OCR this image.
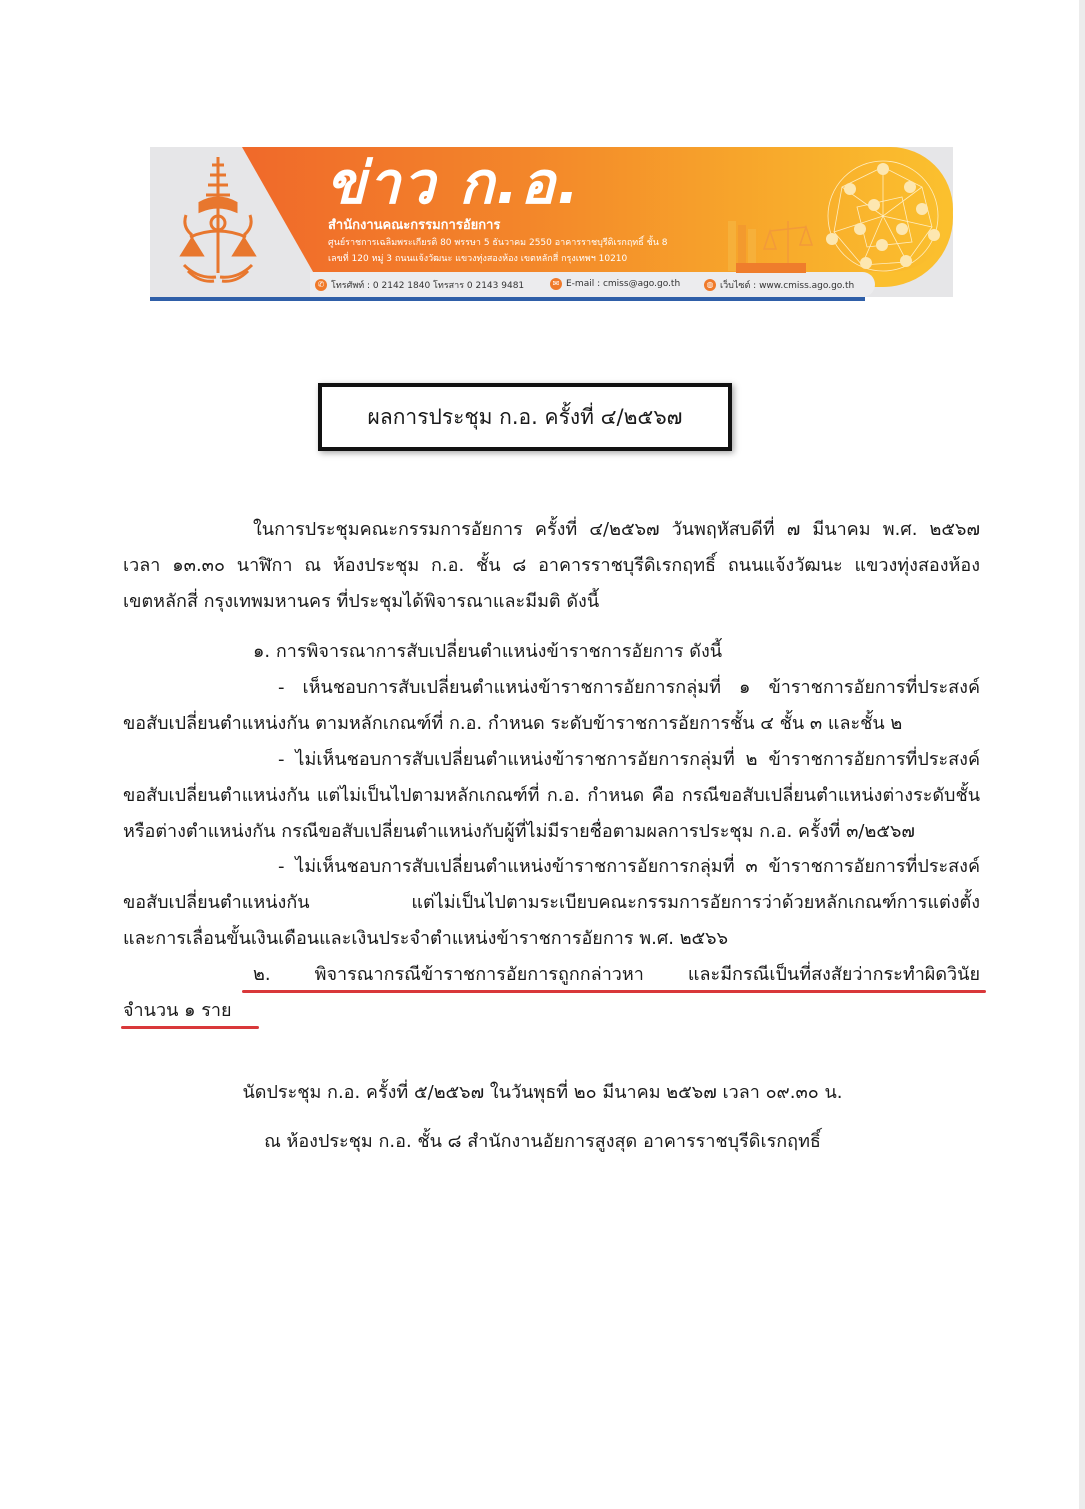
ข่าว ก.อ.
สำนักงานคณะกรรมการอัยการ
ศูนย์ราชการเฉลิมพระเกียรติ 80 พรรษา 5 ธันวาคม 2550 อาคารราชบุรีดิเรกฤทธิ์ ชั้น 8
เลขที่ 120 หมู่ 3 ถนนแจ้งวัฒนะ แขวงทุ่งสองห้อง เขตหลักสี่ กรุงเทพฯ 10210
✆ โทรศัพท์ : 0 2142 1840 โทรสาร 0 2143 9481	✉ E-mail : cmiss@ago.go.th	◍ เว็บไซต์ : www.cmiss.ago.go.th
ผลการประชุม ก.อ. ครั้งที่ ๔/๒๕๖๗
ในการประชุมคณะกรรมการอัยการ ครั้งที่ ๔/๒๕๖๗ วันพฤหัสบดีที่ ๗ มีนาคม พ.ศ. ๒๕๖๗
เวลา ๑๓.๓๐ นาฬิกา ณ ห้องประชุม ก.อ. ชั้น ๘ อาคารราชบุรีดิเรกฤทธิ์ ถนนแจ้งวัฒนะ แขวงทุ่งสองห้อง
เขตหลักสี่ กรุงเทพมหานคร ที่ประชุมได้พิจารณาและมีมติ ดังนี้
๑. การพิจารณาการสับเปลี่ยนตำแหน่งข้าราชการอัยการ ดังนี้
- เห็นชอบการสับเปลี่ยนตำแหน่งข้าราชการอัยการกลุ่มที่ ๑ ข้าราชการอัยการที่ประสงค์
ขอสับเปลี่ยนตำแหน่งกัน ตามหลักเกณฑ์ที่ ก.อ. กำหนด ระดับข้าราชการอัยการชั้น ๔ ชั้น ๓ และชั้น ๒
- ไม่เห็นชอบการสับเปลี่ยนตำแหน่งข้าราชการอัยการกลุ่มที่ ๒ ข้าราชการอัยการที่ประสงค์
ขอสับเปลี่ยนตำแหน่งกัน แต่ไม่เป็นไปตามหลักเกณฑ์ที่ ก.อ. กำหนด คือ กรณีขอสับเปลี่ยนตำแหน่งต่างระดับชั้น
หรือต่างตำแหน่งกัน กรณีขอสับเปลี่ยนตำแหน่งกับผู้ที่ไม่มีรายชื่อตามผลการประชุม ก.อ. ครั้งที่ ๓/๒๕๖๗
- ไม่เห็นชอบการสับเปลี่ยนตำแหน่งข้าราชการอัยการกลุ่มที่ ๓ ข้าราชการอัยการที่ประสงค์
ขอสับเปลี่ยนตำแหน่งกัน แต่ไม่เป็นไปตามระเบียบคณะกรรมการอัยการว่าด้วยหลักเกณฑ์การแต่งตั้ง
และการเลื่อนขั้นเงินเดือนและเงินประจำตำแหน่งข้าราชการอัยการ พ.ศ. ๒๕๖๖
๒. พิจารณากรณีข้าราชการอัยการถูกกล่าวหา และมีกรณีเป็นที่สงสัยว่ากระทำผิดวินัย
จำนวน ๑ ราย
นัดประชุม ก.อ. ครั้งที่ ๕/๒๕๖๗ ในวันพุธที่ ๒๐ มีนาคม ๒๕๖๗ เวลา ๐๙.๓๐ น.
ณ ห้องประชุม ก.อ. ชั้น ๘ สำนักงานอัยการสูงสุด อาคารราชบุรีดิเรกฤทธิ์
